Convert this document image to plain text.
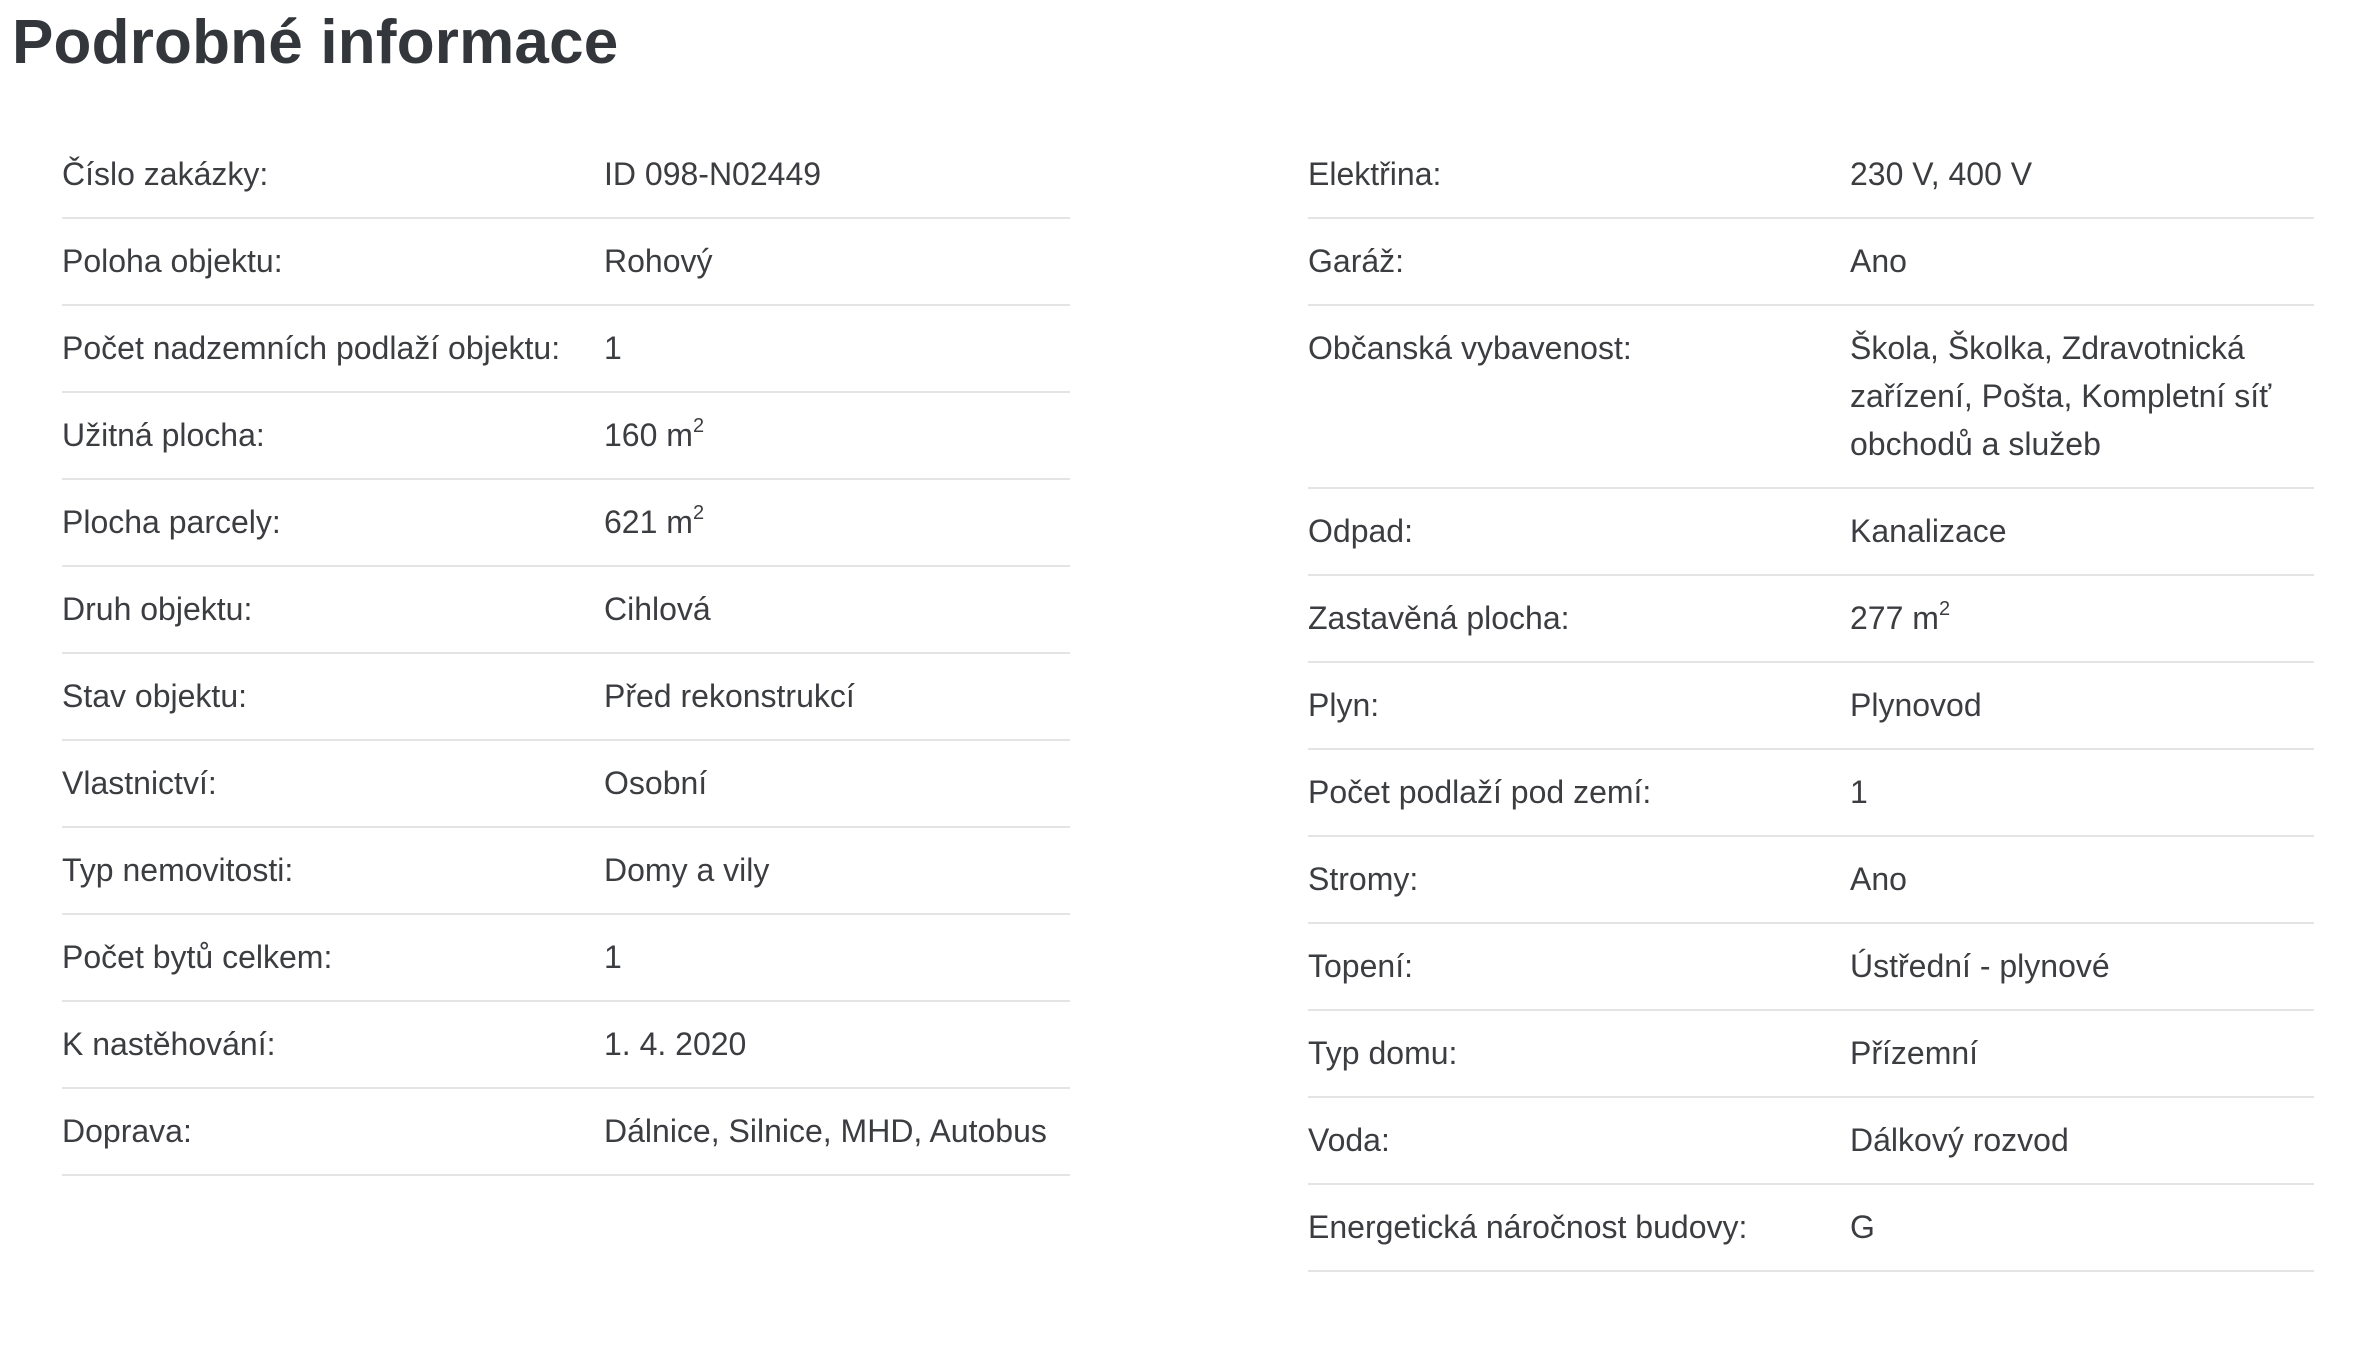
Podrobné informace
Číslo zakázky:	ID 098-N02449
Poloha objektu:	Rohový
Počet nadzemních podlaží objektu:	1
Užitná plocha:	160 $m^2$
Plocha parcely:	621 $m^2$
Druh objektu:	Cihlová
Stav objektu:	Před rekonstrukcí
Vlastnictví:	Osobní
Typ nemovitosti:	Domy a vily
Počet bytů celkem:	1
K nastěhování:	1. 4. 2020
Doprava:	Dálnice, Silnice, MHD, Autobus
Elektřina:	230 V, 400 V
Garáž:	Ano
Občanská vybavenost:	Škola, Školka, Zdravotnická zařízení, Pošta, Kompletní síť obchodů a služeb
Odpad:	Kanalizace
Zastavěná plocha:	277 $m^2$
Plyn:	Plynovod
Počet podlaží pod zemí:	1
Stromy:	Ano
Topení:	Ústřední - plynové
Typ domu:	Přízemní
Voda:	Dálkový rozvod
Energetická náročnost budovy:	G
